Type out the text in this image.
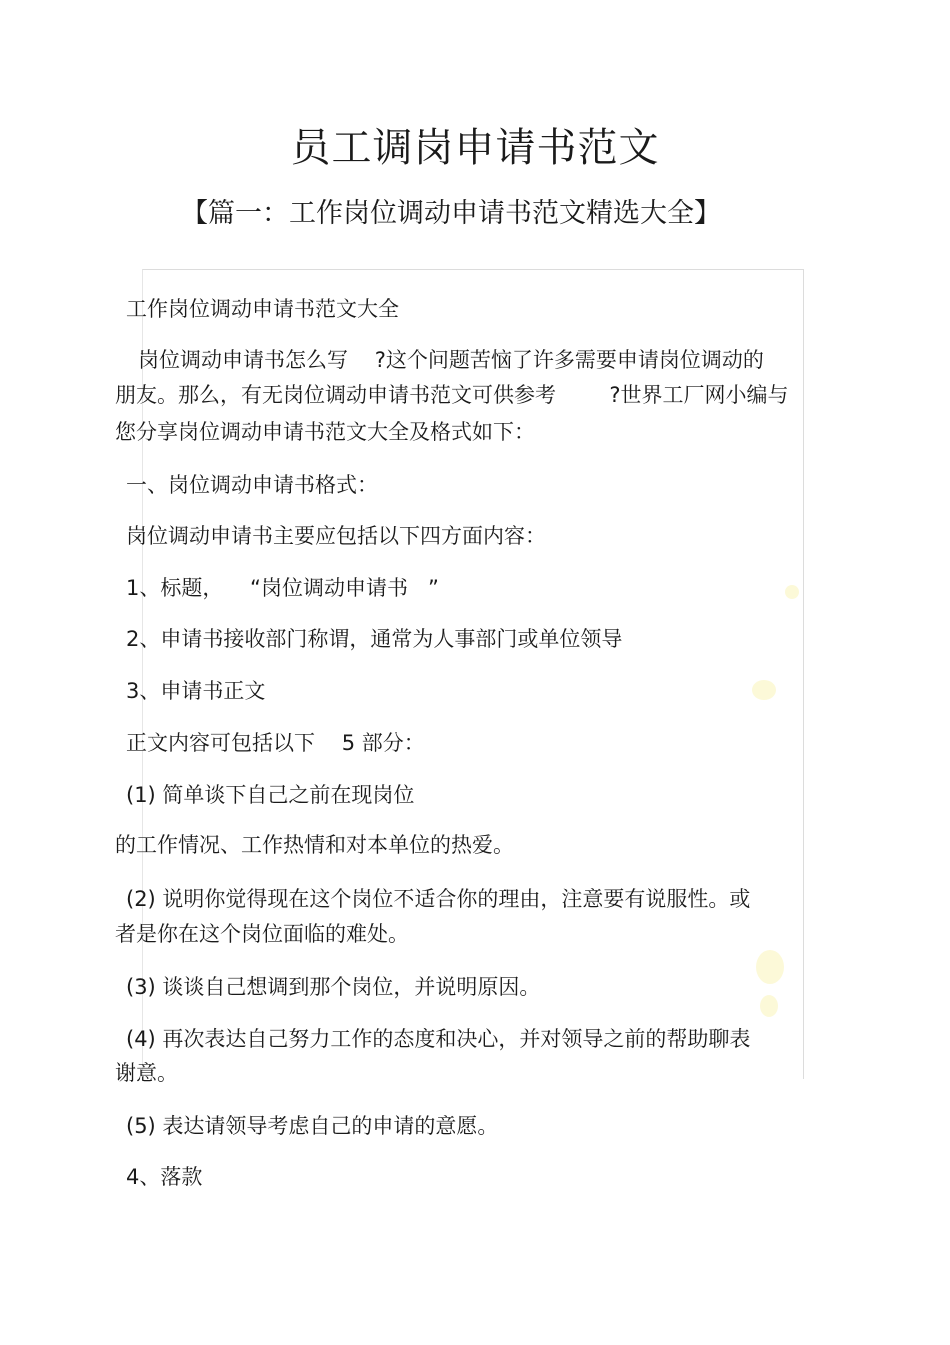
员工调岗申请书范文
【篇一：工作岗位调动申请书范文精选大全】
工作岗位调动申请书范文大全
岗位调动申请书怎么写    ?这个问题苦恼了许多需要申请岗位调动的
朋友。那么，有无岗位调动申请书范文可供参考        ?世界工厂网小编与
您分享岗位调动申请书范文大全及格式如下：
一、岗位调动申请书格式：
岗位调动申请书主要应包括以下四方面内容：
1、标题，    “岗位调动申请书   ”
2、申请书接收部门称谓，通常为人事部门或单位领导
3、申请书正文
正文内容可包括以下    5 部分：
(1) 简单谈下自己之前在现岗位
的工作情况、工作热情和对本单位的热爱。
(2) 说明你觉得现在这个岗位不适合你的理由，注意要有说服性。或
者是你在这个岗位面临的难处。
(3) 谈谈自己想调到那个岗位，并说明原因。
(4) 再次表达自己努力工作的态度和决心，并对领导之前的帮助聊表
谢意。
(5) 表达请领导考虑自己的申请的意愿。
4、落款
